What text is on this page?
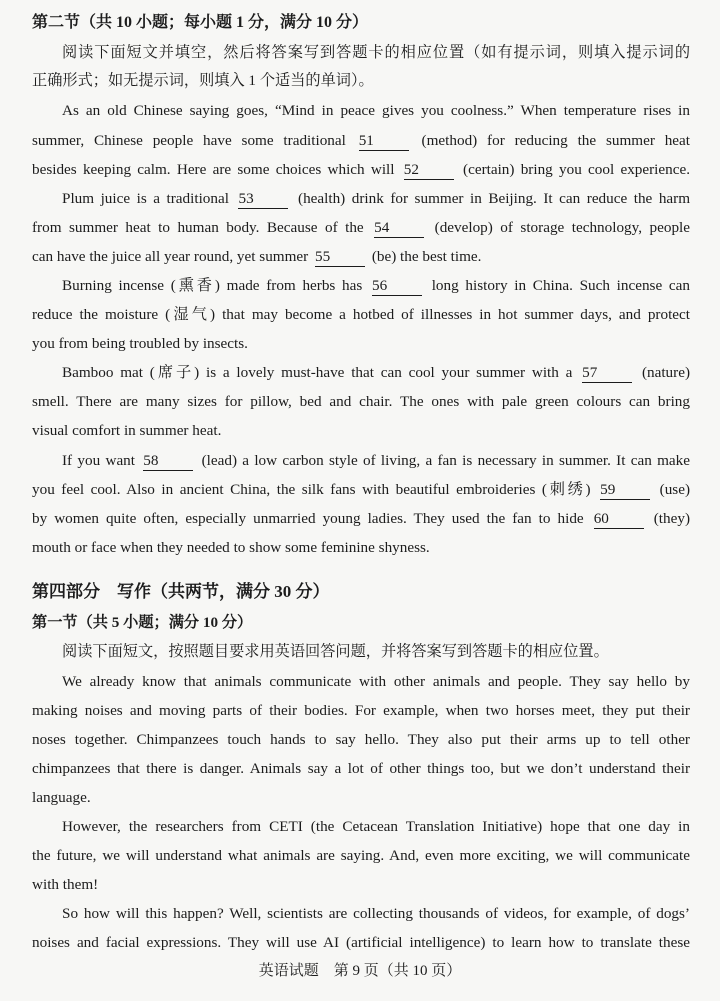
第二节（共 10 小题；每小题 1 分，满分 10 分）
阅读下面短文并填空，然后将答案写到答题卡的相应位置（如有提示词，则填入提示词的
正确形式；如无提示词，则填入 1 个适当的单词）。
As an old Chinese saying goes, “Mind in peace gives you coolness.” When temperature rises in
summer, Chinese people have some traditional 51	(method) for reducing the summer heat
besides keeping calm. Here are some choices which will 52	(certain) bring you cool experience.
Plum juice is a traditional 53	(health) drink for summer in Beijing. It can reduce the harm
from summer heat to human body. Because of the 54	(develop) of storage technology, people
can have the juice all year round, yet summer 55	(be) the best time.
Burning incense (熏香) made from herbs has 56	long history in China. Such incense can
reduce the moisture (湿气) that may become a hotbed of illnesses in hot summer days, and protect
you from being troubled by insects.
Bamboo mat (席子) is a lovely must-have that can cool your summer with a 57	(nature)
smell. There are many sizes for pillow, bed and chair. The ones with pale green colours can bring
visual comfort in summer heat.
If you want 58	(lead) a low carbon style of living, a fan is necessary in summer. It can make
you feel cool. Also in ancient China, the silk fans with beautiful embroideries (刺绣) 59	(use)
by women quite often, especially unmarried young ladies. They used the fan to hide 60	(they)
mouth or face when they needed to show some feminine shyness.
第四部分　写作（共两节，满分 30 分）
第一节（共 5 小题；满分 10 分）
阅读下面短文，按照题目要求用英语回答问题，并将答案写到答题卡的相应位置。
We already know that animals communicate with other animals and people. They say hello by
making noises and moving parts of their bodies. For example, when two horses meet, they put their
noses together. Chimpanzees touch hands to say hello. They also put their arms up to tell other
chimpanzees that there is danger. Animals say a lot of other things too, but we don’t understand their
language.
However, the researchers from CETI (the Cetacean Translation Initiative) hope that one day in
the future, we will understand what animals are saying. And, even more exciting, we will communicate
with them!
So how will this happen? Well, scientists are collecting thousands of videos, for example, of dogs’
noises and facial expressions. They will use AI (artificial intelligence) to learn how to translate these
英语试题　第 9 页（共 10 页）
